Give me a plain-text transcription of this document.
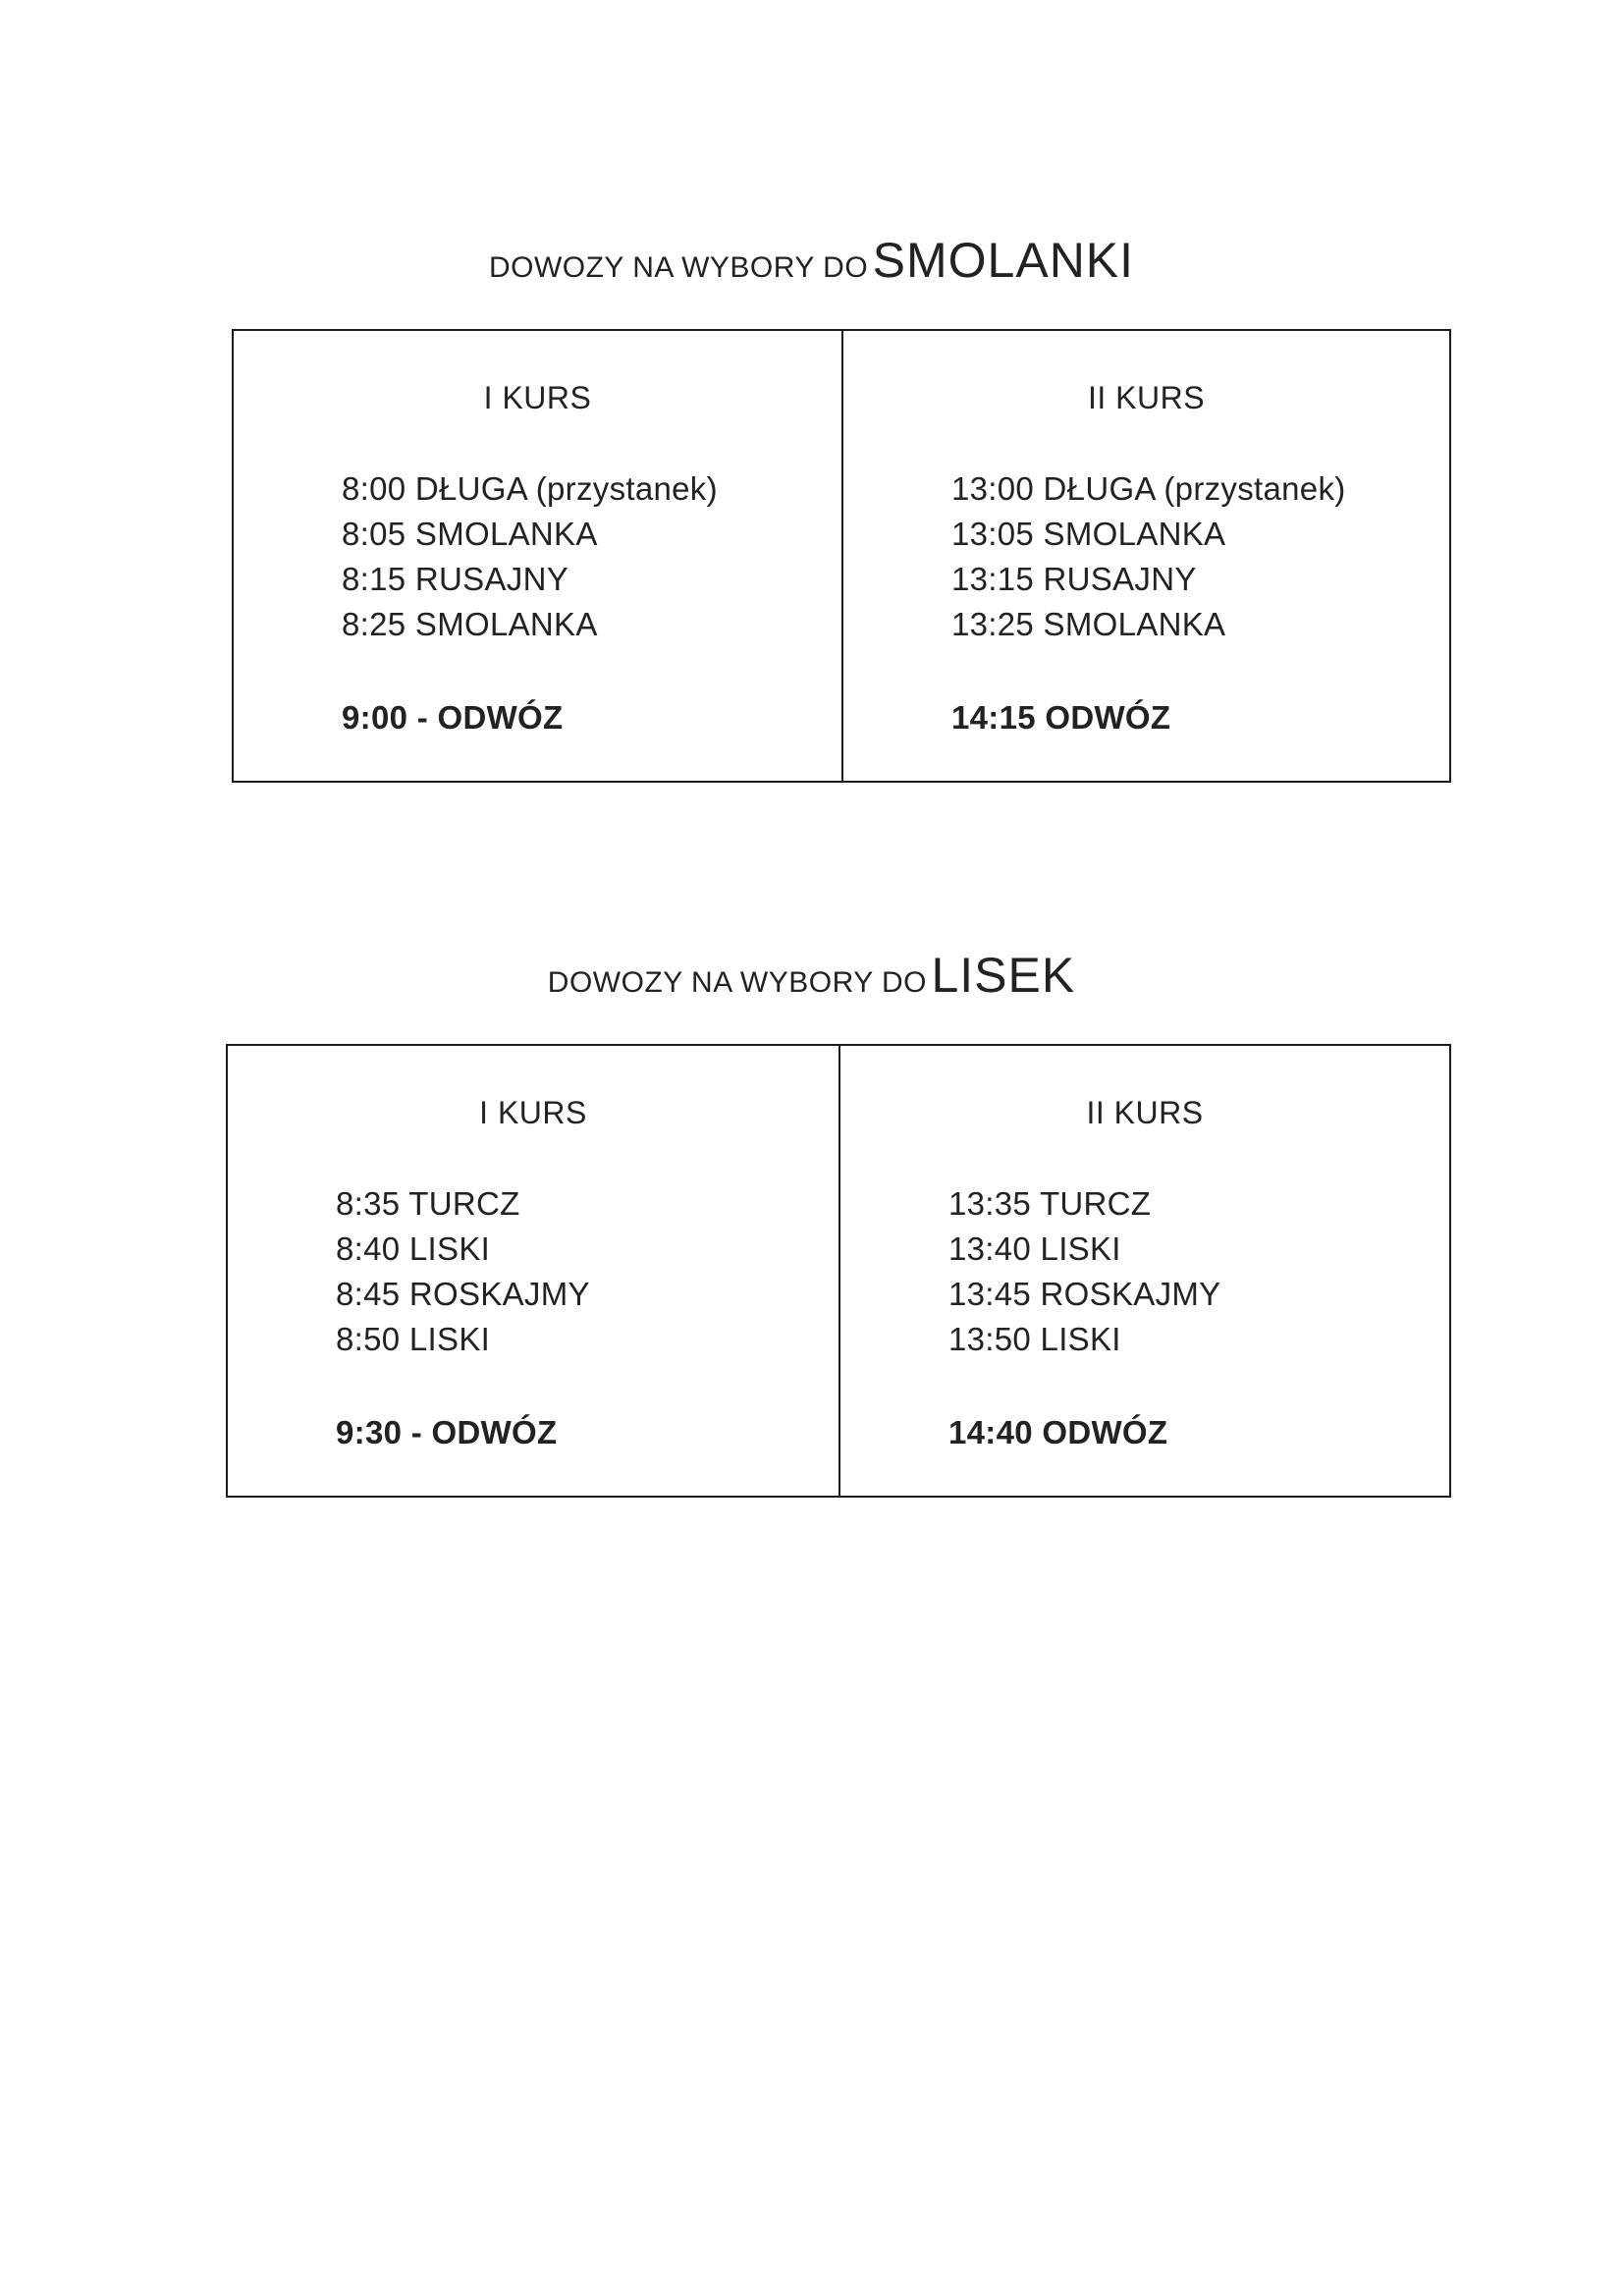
DOWOZY NA WYBORY DO SMOLANKI
I KURS
8:00 DŁUGA (przystanek)
8:05 SMOLANKA
8:15 RUSAJNY
8:25 SMOLANKA
9:00 - ODWÓZ
II KURS
13:00 DŁUGA (przystanek)
13:05 SMOLANKA
13:15 RUSAJNY
13:25 SMOLANKA
14:15 ODWÓZ
DOWOZY NA WYBORY DO LISEK
I KURS
8:35 TURCZ
8:40 LISKI
8:45 ROSKAJMY
8:50 LISKI
9:30 - ODWÓZ
II KURS
13:35 TURCZ
13:40 LISKI
13:45 ROSKAJMY
13:50 LISKI
14:40 ODWÓZ
